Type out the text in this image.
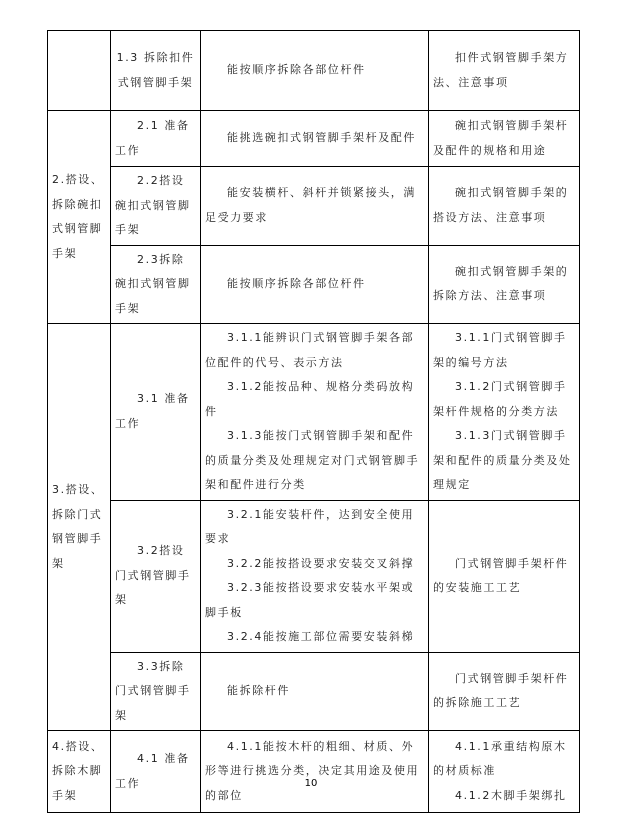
	1.3 拆除扣件式钢管脚手架	能按顺序拆除各部位杆件	扣件式钢管脚手架方法、注意事项
2.搭设、拆除碗扣式钢管脚手架	2.1 准备工作	能挑选碗扣式钢管脚手架杆及配件	碗扣式钢管脚手架杆及配件的规格和用途
	2.2搭设碗扣式钢管脚手架	能安装横杆、斜杆并锁紧接头，满足受力要求	碗扣式钢管脚手架的搭设方法、注意事项
	2.3拆除碗扣式钢管脚手架	能按顺序拆除各部位杆件	碗扣式钢管脚手架的拆除方法、注意事项
3.搭设、拆除门式钢管脚手架	3.1 准备工作	3.1.1能辨识门式钢管脚手架各部位配件的代号、表示方法
3.1.2能按品种、规格分类码放构件
3.1.3能按门式钢管脚手架和配件的质量分类及处理规定对门式钢管脚手架和配件进行分类	3.1.1门式钢管脚手架的编号方法
3.1.2门式钢管脚手架杆件规格的分类方法
3.1.3门式钢管脚手架和配件的质量分类及处理规定

	3.2搭设门式钢管脚手架	3.2.1能安装杆件，达到安全使用要求
3.2.2能按搭设要求安装交叉斜撑
3.2.3能按搭设要求安装水平架或脚手板
3.2.4能按施工部位需要安装斜梯	门式钢管脚手架杆件的安装施工工艺
	3.3拆除门式钢管脚手架	能拆除杆件	门式钢管脚手架杆件的拆除施工工艺
4.搭设、拆除木脚手架	4.1 准备工作	4.1.1能按木杆的粗细、材质、外形等进行挑选分类，决定其用途及使用的部位	4.1.1承重结构原木的材质标准
4.1.2木脚手架绑扎
10
